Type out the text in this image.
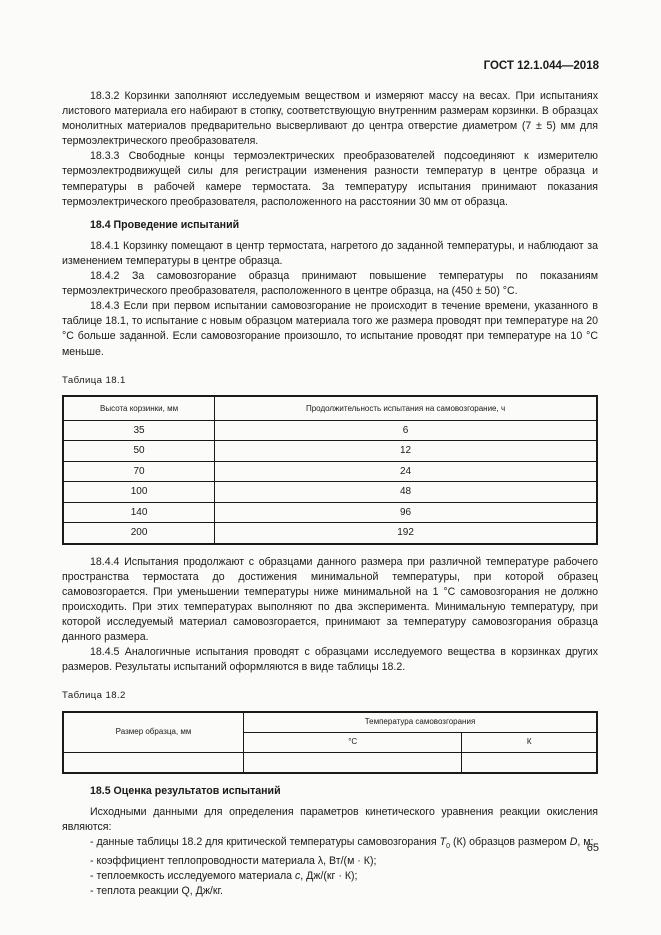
ГОСТ 12.1.044—2018

18.3.2 Корзинки заполняют исследуемым веществом и измеряют массу на весах. При испытаниях листового материала его набирают в стопку, соответствующую внутренним размерам корзинки. В образцах монолитных материалов предварительно высверливают до центра отверстие диаметром (7 ± 5) мм для термоэлектрического преобразователя.

18.3.3 Свободные концы термоэлектрических преобразователей подсоединяют к измерителю термоэлектродвижущей силы для регистрации изменения разности температур в центре образца и температуры в рабочей камере термостата. За температуру испытания принимают показания термоэлектрического преобразователя, расположенного на расстоянии 30 мм от образца.

18.4 Проведение испытаний

18.4.1 Корзинку помещают в центр термостата, нагретого до заданной температуры, и наблюдают за изменением температуры в центре образца.

18.4.2 За самовозгорание образца принимают повышение температуры по показаниям термоэлектрического преобразователя, расположенного в центре образца, на (450 ± 50) °С.

18.4.3 Если при первом испытании самовозгорание не происходит в течение времени, указанного в таблице 18.1, то испытание с новым образцом материала того же размера проводят при температуре на 20 °С больше заданной. Если самовозгорание произошло, то испытание проводят при температуре на 10 °С меньше.

Таблица 18.1
Высота корзинки, мм	Продолжительность испытания на самовозгорание, ч
35	6
50	12
70	24
100	48
140	96
200	192

18.4.4 Испытания продолжают с образцами данного размера при различной температуре рабочего пространства термостата до достижения минимальной температуры, при которой образец самовозгорается. При уменьшении температуры ниже минимальной на 1 °С самовозгорания не должно происходить. При этих температурах выполняют по два эксперимента. Минимальную температуру, при которой исследуемый материал самовозгорается, принимают за температуру самовозгорания образца данного размера.

18.4.5 Аналогичные испытания проводят с образцами исследуемого вещества в корзинках других размеров. Результаты испытаний оформляются в виде таблицы 18.2.

Таблица 18.2
Размер образца, мм	Температура самовозгорания	
	°С	К

18.5 Оценка результатов испытаний

Исходными данными для определения параметров кинетического уравнения реакции окисления являются:

- данные таблицы 18.2 для критической температуры самовозгорания $T_0$ (К) образцов размером D, м;

- коэффициент теплопроводности материала λ, Вт/(м · К);

- теплоемкость исследуемого материала c, Дж/(кг · К);

- теплота реакции Q, Дж/кг.

65
